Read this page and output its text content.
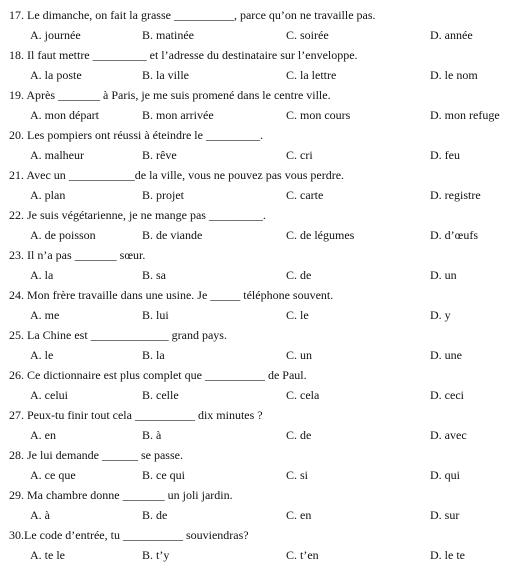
17. Le dimanche, on fait la grasse __________, parce qu’on ne travaille pas.
A. journée	B. matinée	C. soirée	D. année
18. Il faut mettre _________ et l’adresse du destinataire sur l’enveloppe.
A. la poste	B. la ville	C. la lettre	D. le nom
19. Après _______ à Paris, je me suis promené dans le centre ville.
A. mon départ	B. mon arrivée	C. mon cours	D. mon refuge
20. Les pompiers ont réussi à éteindre le _________.
A. malheur	B. rêve	C. cri	D. feu
21. Avec un ___________de la ville, vous ne pouvez pas vous perdre.
A. plan	B. projet	C. carte	D. registre
22. Je suis végétarienne, je ne mange pas _________.
A. de poisson	B. de viande	C. de légumes	D. d’œufs
23. Il n’a pas _______ sœur.
A. la	B. sa	C. de	D. un
24. Mon frère travaille dans une usine. Je _____ téléphone souvent.
A. me	B. lui	C. le	D. y
25. La Chine est _____________ grand pays.
A. le	B. la	C. un	D. une
26. Ce dictionnaire est plus complet que __________ de Paul.
A. celui	B. celle	C. cela	D. ceci
27. Peux-tu finir tout cela __________ dix minutes ?
A. en	B. à	C. de	D. avec
28. Je lui demande ______ se passe.
A. ce que	B. ce qui	C. si	D. qui
29. Ma chambre donne _______ un joli jardin.
A. à	B. de	C. en	D. sur
30.Le code d’entrée, tu __________ souviendras?
A. te le	B. t’y	C. t’en	D. le te
